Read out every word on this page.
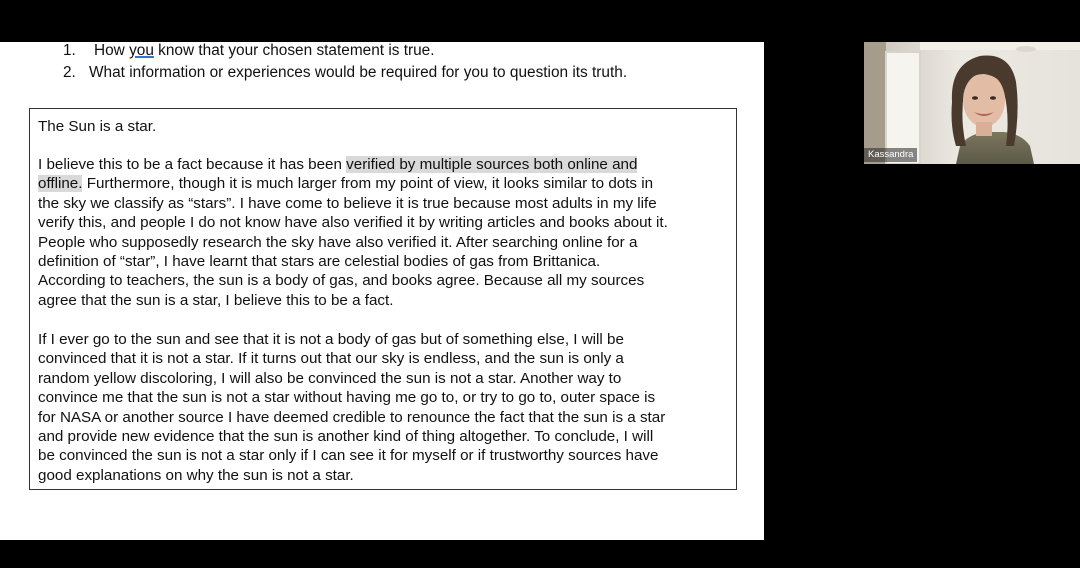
1. How you know that your chosen statement is true.
2. What information or experiences would be required for you to question its truth.

The Sun is a star.

I believe this to be a fact because it has been verified by multiple sources both online and
offline. Furthermore, though it is much larger from my point of view, it looks similar to dots in
the sky we classify as “stars”. I have come to believe it is true because most adults in my life
verify this, and people I do not know have also verified it by writing articles and books about it.
People who supposedly research the sky have also verified it. After searching online for a
definition of “star”, I have learnt that stars are celestial bodies of gas from Brittanica.
According to teachers, the sun is a body of gas, and books agree. Because all my sources
agree that the sun is a star, I believe this to be a fact.

If I ever go to the sun and see that it is not a body of gas but of something else, I will be
convinced that it is not a star. If it turns out that our sky is endless, and the sun is only a
random yellow discoloring, I will also be convinced the sun is not a star. Another way to
convince me that the sun is not a star without having me go to, or try to go to, outer space is
for NASA or another source I have deemed credible to renounce the fact that the sun is a star
and provide new evidence that the sun is another kind of thing altogether. To conclude, I will
be convinced the sun is not a star only if I can see it for myself or if trustworthy sources have
good explanations on why the sun is not a star.

Kassandra
